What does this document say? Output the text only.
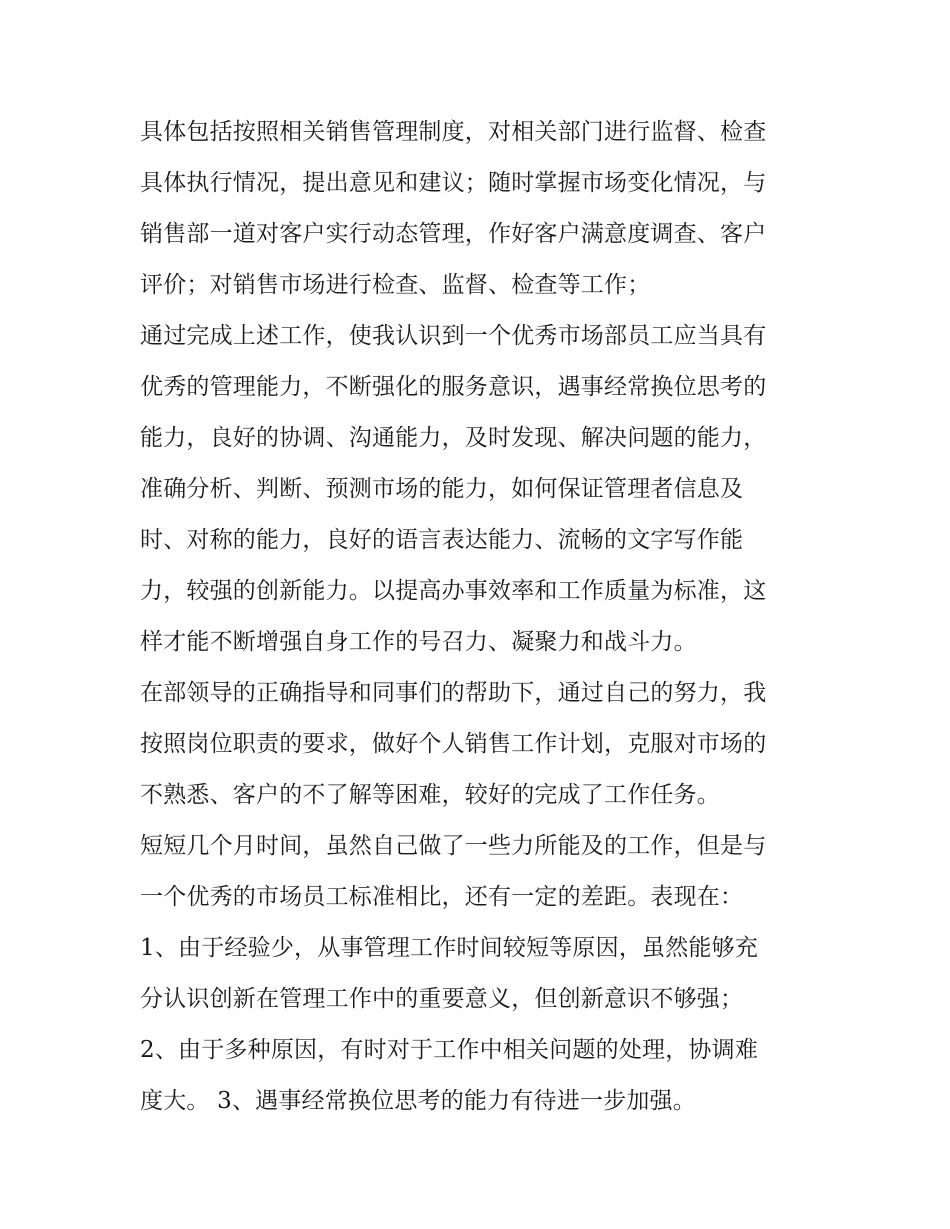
具体包括按照相关销售管理制度，对相关部门进行监督、检查
具体执行情况，提出意见和建议；随时掌握市场变化情况，与
销售部一道对客户实行动态管理，作好客户满意度调查、客户
评价；对销售市场进行检查、监督、检查等工作；
通过完成上述工作，使我认识到一个优秀市场部员工应当具有
优秀的管理能力，不断强化的服务意识，遇事经常换位思考的
能力，良好的协调、沟通能力，及时发现、解决问题的能力，
准确分析、判断、预测市场的能力，如何保证管理者信息及
时、对称的能力，良好的语言表达能力、流畅的文字写作能
力，较强的创新能力。以提高办事效率和工作质量为标准，这
样才能不断增强自身工作的号召力、凝聚力和战斗力。
在部领导的正确指导和同事们的帮助下，通过自己的努力，我
按照岗位职责的要求，做好个人销售工作计划，克服对市场的
不熟悉、客户的不了解等困难，较好的完成了工作任务。
短短几个月时间，虽然自己做了一些力所能及的工作，但是与
一个优秀的市场员工标准相比，还有一定的差距。表现在：
1、由于经验少，从事管理工作时间较短等原因，虽然能够充
分认识创新在管理工作中的重要意义，但创新意识不够强；
2、由于多种原因，有时对于工作中相关问题的处理，协调难
度大。 3、遇事经常换位思考的能力有待进一步加强。
